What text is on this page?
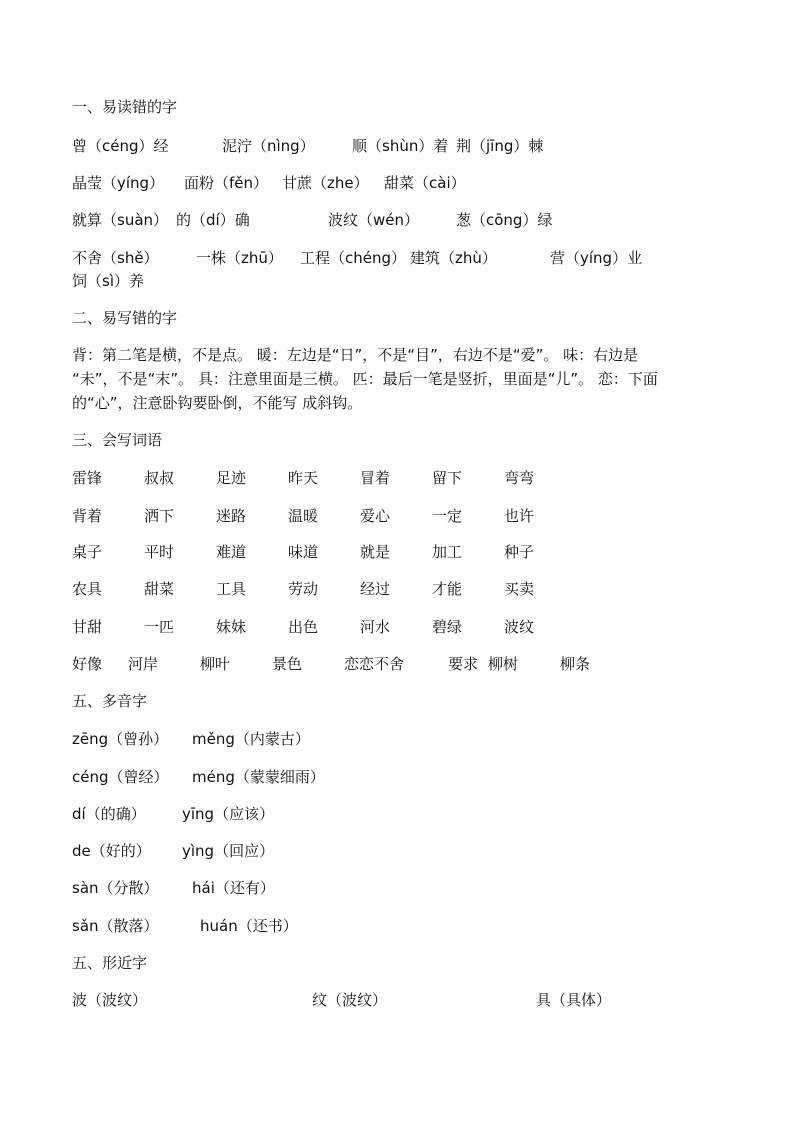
一、易读错的字
曾（céng）经	泥泞（nìng） 顺（shùn）着 荆（jīng）棘
晶莹（yíng） 面粉（fěn） 甘蔗（zhe） 甜菜（cài）
就算（suàn） 的（dí）确	波纹（wén） 葱（cōng）绿
不舍（shě） 一株（zhū） 工程（chéng） 建筑（zhù）	营（yíng）业
饲（sì）养
二、易写错的字
背：第二笔是横，不是点。 暖：左边是“日”，不是“目”，右边不是“爱”。 味：右边是
“未”，不是“末”。 具：注意里面是三横。 匹：最后一笔是竖折，里面是“儿”。 恋：下面
的“心”，注意卧钩要卧倒，不能写 成斜钩。
三、会写词语
雷锋	叔叔	足迹	昨天	冒着	留下	弯弯
背着	洒下	迷路	温暖	爱心	一定	也许
桌子	平时	难道	味道	就是	加工	种子
农具	甜菜	工具	劳动	经过	才能	买卖
甘甜	一匹	妹妹	出色	河水	碧绿	波纹
好像 河岸	柳叶	景色	恋恋不舍	要求 柳树	柳条
五、多音字
zēng（曾孙） měng（内蒙古）
céng（曾经） méng（蒙蒙细雨）
dí（的确） yīng（应该）
de（好的） yìng（回应）
sàn（分散） hái（还有）
sǎn（散落）	huán（还书）
五、形近字
波（波纹）	纹（波纹）	具（具体）
